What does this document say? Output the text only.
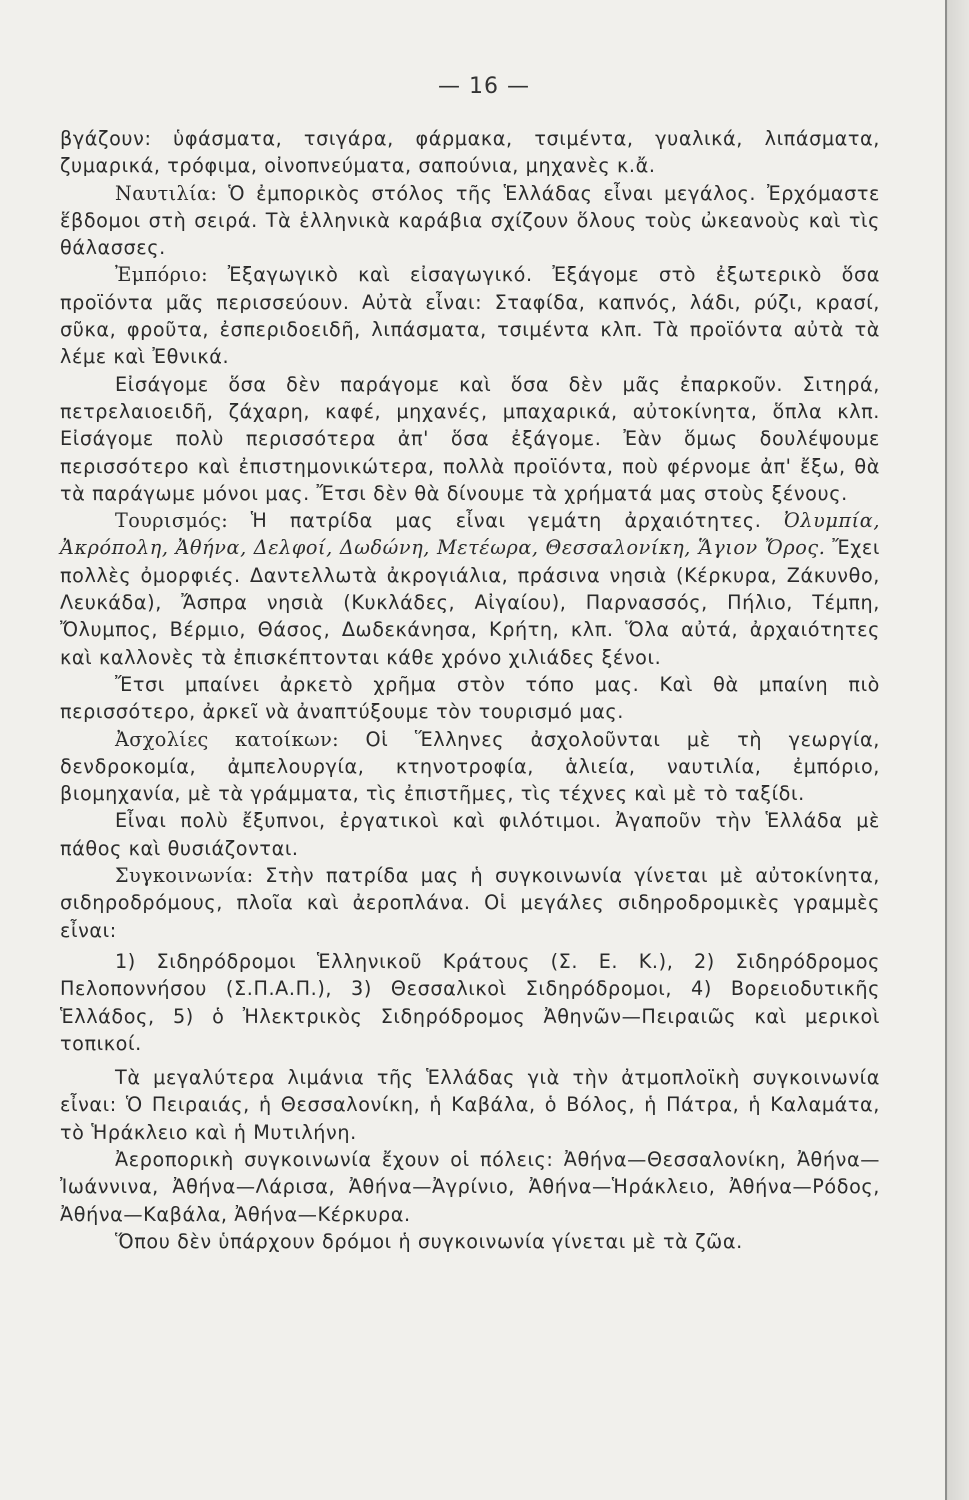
— 16 —

βγάζουν: ὑφάσματα, τσιγάρα, φάρμακα, τσιμέντα, γυαλικά, λιπάσματα, ζυμαρικά, τρόφιμα, οἰνοπνεύματα, σαπούνια, μηχανὲς κ.ἄ.

Ναυτιλία: Ὁ ἐμπορικὸς στόλος τῆς Ἑλλάδας εἶναι μεγάλος. Ἐρχόμαστε ἕβδομοι στὴ σειρά. Τὰ ἑλληνικὰ καράβια σχίζουν ὅλους τοὺς ὠκεανοὺς καὶ τὶς θάλασσες.

Ἐμπόριο: Ἐξαγωγικὸ καὶ εἰσαγωγικό. Ἐξάγομε στὸ ἐξωτερικὸ ὅσα προϊόντα μᾶς περισσεύουν. Αὐτὰ εἶναι: Σταφίδα, καπνός, λάδι, ρύζι, κρασί, σῦκα, φροῦτα, ἐσπεριδοειδῆ, λιπάσματα, τσιμέντα κλπ. Τὰ προϊόντα αὐτὰ τὰ λέμε καὶ Ἐθνικά.

Εἰσάγομε ὅσα δὲν παράγομε καὶ ὅσα δὲν μᾶς ἐπαρκοῦν. Σιτηρά, πετρελαιοειδῆ, ζάχαρη, καφέ, μηχανές, μπαχαρικά, αὐτοκίνητα, ὅπλα κλπ. Εἰσάγομε πολὺ περισσότερα ἀπ' ὅσα ἐξάγομε. Ἐὰν ὅμως δουλέψουμε περισσότερο καὶ ἐπιστημονικώτερα, πολλὰ προϊόντα, ποὺ φέρνομε ἀπ' ἔξω, θὰ τὰ παράγωμε μόνοι μας. Ἔτσι δὲν θὰ δίνουμε τὰ χρήματά μας στοὺς ξένους.

Τουρισμός: Ἡ πατρίδα μας εἶναι γεμάτη ἀρχαιότητες. Ὀλυμπία, Ἀκρόπολη, Ἀθήνα, Δελφοί, Δωδώνη, Μετέωρα, Θεσσαλονίκη, Ἅγιον Ὄρος. Ἔχει πολλὲς ὀμορφιές. Δαντελλωτὰ ἀκρογιάλια, πράσινα νησιὰ (Κέρκυρα, Ζάκυνθο, Λευκάδα), Ἄσπρα νησιὰ (Κυκλάδες, Αἰγαίου), Παρνασσός, Πήλιο, Τέμπη, Ὄλυμπος, Βέρμιο, Θάσος, Δωδεκάνησα, Κρήτη, κλπ. Ὅλα αὐτά, ἀρχαιότητες καὶ καλλονὲς τὰ ἐπισκέπτονται κάθε χρόνο χιλιάδες ξένοι.

Ἔτσι μπαίνει ἀρκετὸ χρῆμα στὸν τόπο μας. Καὶ θὰ μπαίνη πιὸ περισσότερο, ἀρκεῖ νὰ ἀναπτύξουμε τὸν τουρισμό μας.

Ἀσχολίες κατοίκων: Οἱ Ἕλληνες ἀσχολοῦνται μὲ τὴ γεωργία, δενδροκομία, ἀμπελουργία, κτηνοτροφία, ἁλιεία, ναυτιλία, ἐμπόριο, βιομηχανία, μὲ τὰ γράμματα, τὶς ἐπιστῆμες, τὶς τέχνες καὶ μὲ τὸ ταξίδι.

Εἶναι πολὺ ἔξυπνοι, ἐργατικοὶ καὶ φιλότιμοι. Ἀγαποῦν τὴν Ἑλλάδα μὲ πάθος καὶ θυσιάζονται.

Συγκοινωνία: Στὴν πατρίδα μας ἡ συγκοινωνία γίνεται μὲ αὐτοκίνητα, σιδηροδρόμους, πλοῖα καὶ ἀεροπλάνα. Οἱ μεγάλες σιδηροδρομικὲς γραμμὲς εἶναι:

1) Σιδηρόδρομοι Ἑλληνικοῦ Κράτους (Σ. Ε. Κ.), 2) Σιδηρόδρομος Πελοποννήσου (Σ.Π.Α.Π.), 3) Θεσσαλικοὶ Σιδηρόδρομοι, 4) Βορειοδυτικῆς Ἑλλάδος, 5) ὁ Ἠλεκτρικὸς Σιδηρόδρομος Ἀθηνῶν—Πειραιῶς καὶ μερικοὶ τοπικοί.

Τὰ μεγαλύτερα λιμάνια τῆς Ἑλλάδας γιὰ τὴν ἀτμοπλοϊκὴ συγκοινωνία εἶναι: Ὁ Πειραιάς, ἡ Θεσσαλονίκη, ἡ Καβάλα, ὁ Βόλος, ἡ Πάτρα, ἡ Καλαμάτα, τὸ Ἡράκλειο καὶ ἡ Μυτιλήνη.

Ἀεροπορικὴ συγκοινωνία ἔχουν οἱ πόλεις: Ἀθήνα—Θεσσαλονίκη, Ἀθήνα—Ἰωάννινα, Ἀθήνα—Λάρισα, Ἀθήνα—Ἀγρίνιο, Ἀθήνα—Ἡράκλειο, Ἀθήνα—Ρόδος, Ἀθήνα—Καβάλα, Ἀθήνα—Κέρκυρα.

Ὅπου δὲν ὑπάρχουν δρόμοι ἡ συγκοινωνία γίνεται μὲ τὰ ζῶα.
